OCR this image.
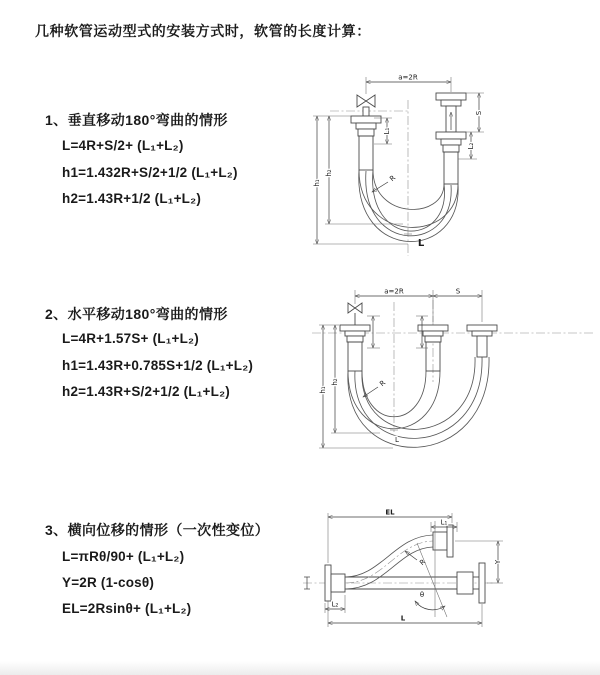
几种软管运动型式的安装方式时，软管的长度计算：
1、垂直移动180°弯曲的情形
L=4R+S/2+ (L₁+L₂)
h1=1.432R+S/2+1/2 (L₁+L₂)
h2=1.43R+1/2 (L₁+L₂)
a=2R
h₁
h₂
L₁
S
L₂
R
L
2、水平移动180°弯曲的情形
L=4R+1.57S+ (L₁+L₂)
h1=1.43R+0.785S+1/2 (L₁+L₂)
h2=1.43R+S/2+1/2 (L₁+L₂)
a=2R	S
h₁
h₂	R
L
3、横向位移的情形（一次性变位）
L=πRθ/90+ (L₁+L₂)
Y=2R (1-cosθ)
EL=2Rsinθ+ (L₁+L₂)
EL
L₁
Y
R
θ
L
L₂
